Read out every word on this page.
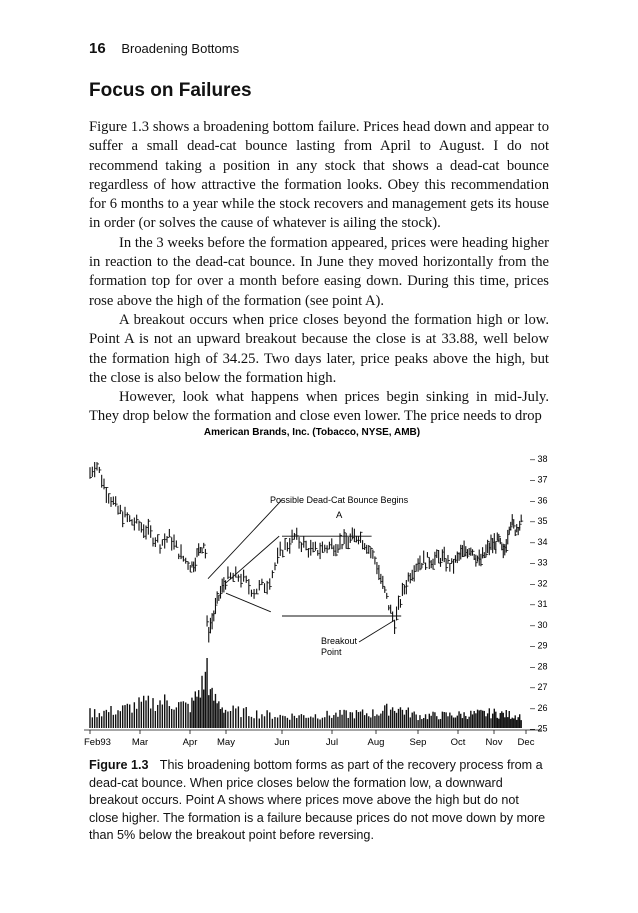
16 Broadening Bottoms
Focus on Failures

Figure 1.3 shows a broadening bottom failure. Prices head down and appear to suffer a small dead-cat bounce lasting from April to August. I do not recommend taking a position in any stock that shows a dead-cat bounce regardless of how attractive the formation looks. Obey this recommendation for 6 months to a year while the stock recovers and management gets its house in order (or solves the cause of whatever is ailing the stock).

In the 3 weeks before the formation appeared, prices were heading higher in reaction to the dead-cat bounce. In June they moved horizontally from the formation top for over a month before easing down. During this time, prices rose above the high of the formation (see point A).

A breakout occurs when price closes beyond the formation high or low. Point A is not an upward breakout because the close is at 33.88, well below the formation high of 34.25. Two days later, price peaks above the high, but the close is also below the formation high.

However, look what happens when prices begin sinking in mid-July. They drop below the formation and close even lower. The price needs to drop

American Brands, Inc. (Tobacco, NYSE, AMB)
– 38
– 37
– 36
– 35
– 34
– 33
– 32
– 31
– 30
– 29
– 28
– 27
– 26
– 25
Feb93 Mar	Apr May	Jun	Jul	Aug	Sep	Oct Nov Dec
Possible Dead-Cat Bounce Begins
A
Breakout
Point
Figure 1.3 This broadening bottom forms as part of the recovery process from a dead-cat bounce. When price closes below the formation low, a downward breakout occurs. Point A shows where prices move above the high but do not close higher. The formation is a failure because prices do not move down by more than 5% below the breakout point before reversing.
